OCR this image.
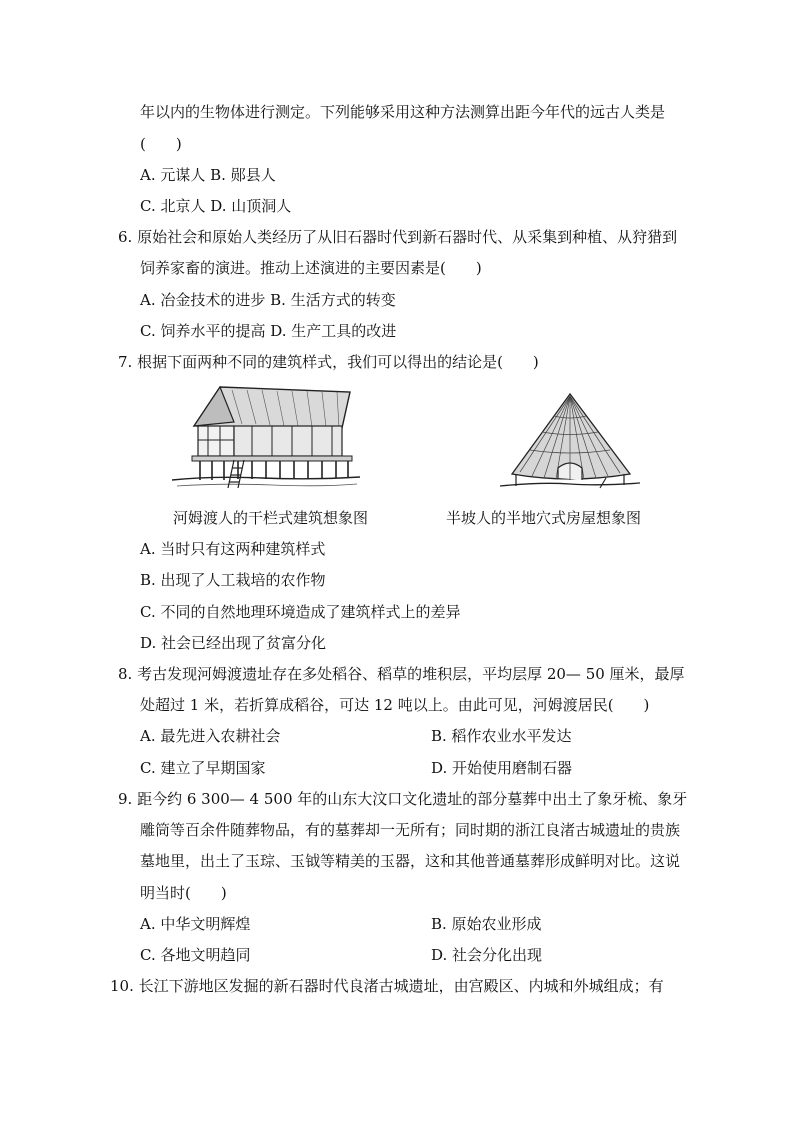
年以内的生物体进行测定。下列能够采用这种方法测算出距今年代的远古人类是
(　　)
A. 元谋人 B. 郧县人
C. 北京人 D. 山顶洞人
6. 原始社会和原始人类经历了从旧石器时代到新石器时代、从采集到种植、从狩猎到
饲养家畜的演进。推动上述演进的主要因素是(　　)
A. 冶金技术的进步 B. 生活方式的转变
C. 饲养水平的提高 D. 生产工具的改进
7. 根据下面两种不同的建筑样式，我们可以得出的结论是(　　)
河姆渡人的干栏式建筑想象图	半坡人的半地穴式房屋想象图
A. 当时只有这两种建筑样式
B. 出现了人工栽培的农作物
C. 不同的自然地理环境造成了建筑样式上的差异
D. 社会已经出现了贫富分化
8. 考古发现河姆渡遗址存在多处稻谷、稻草的堆积层，平均层厚 20— 50 厘米，最厚
处超过 1 米，若折算成稻谷，可达 12 吨以上。由此可见，河姆渡居民(　　)
A. 最先进入农耕社会	B. 稻作农业水平发达
C. 建立了早期国家	D. 开始使用磨制石器
9. 距今约 6 300— 4 500 年的山东大汶口文化遗址的部分墓葬中出土了象牙梳、象牙
雕筒等百余件随葬物品，有的墓葬却一无所有；同时期的浙江良渚古城遗址的贵族
墓地里，出土了玉琮、玉钺等精美的玉器，这和其他普通墓葬形成鲜明对比。这说
明当时(　　)
A. 中华文明辉煌	B. 原始农业形成
C. 各地文明趋同	D. 社会分化出现
10. 长江下游地区发掘的新石器时代良渚古城遗址，由宫殿区、内城和外城组成；有
